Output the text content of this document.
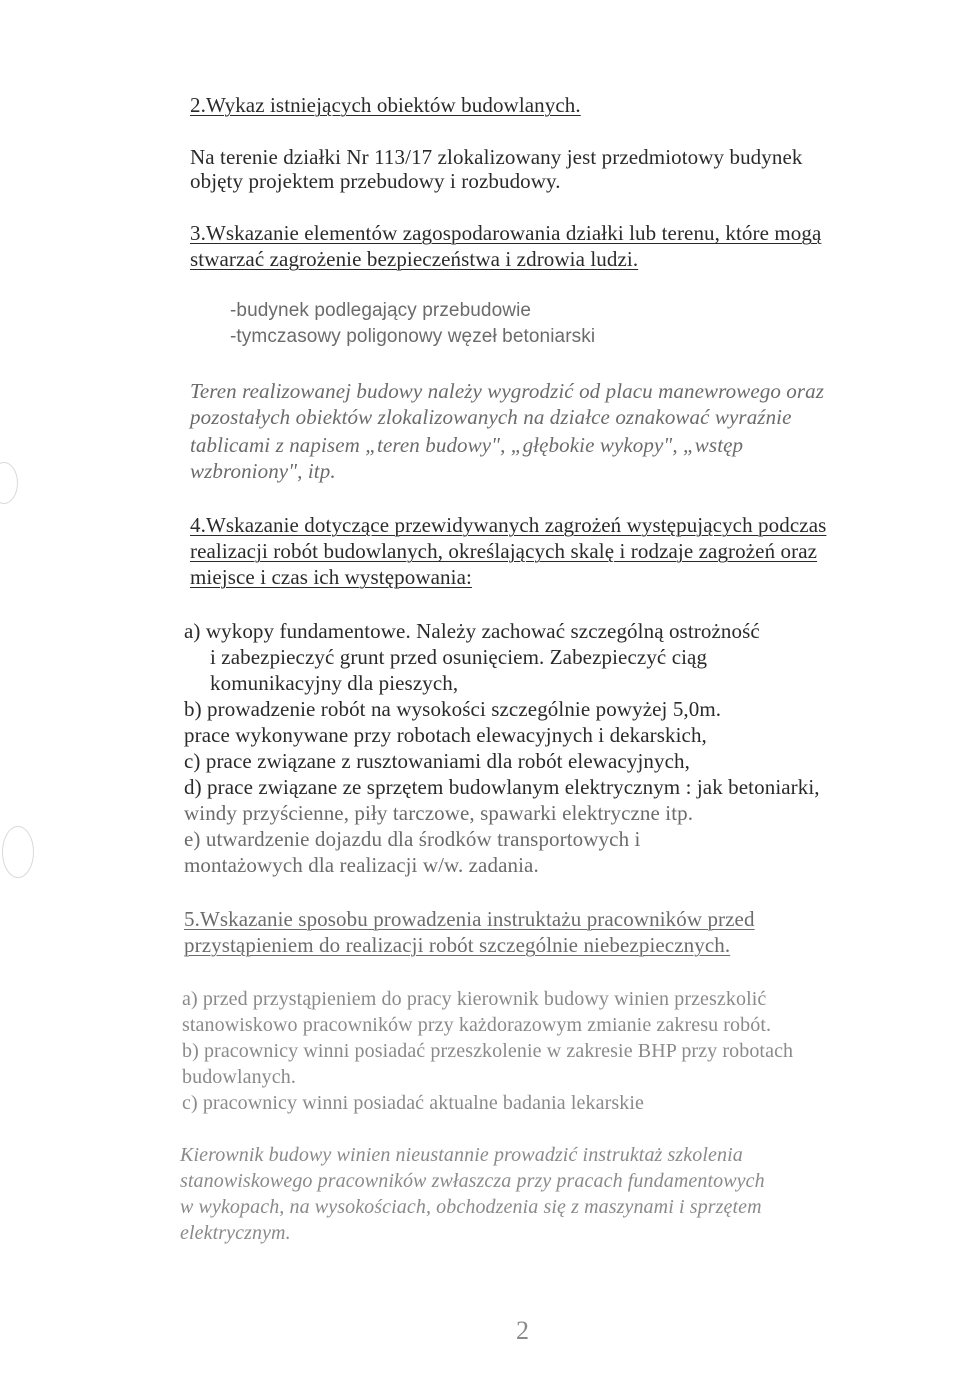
2.Wykaz istniejących obiektów budowlanych.
Na terenie działki Nr 113/17 zlokalizowany jest przedmiotowy budynek
objęty projektem przebudowy i rozbudowy.
3.Wskazanie elementów zagospodarowania działki lub terenu, które mogą
stwarzać zagrożenie bezpieczeństwa i zdrowia ludzi.
-budynek podlegający przebudowie
-tymczasowy poligonowy węzeł betoniarski
Teren realizowanej budowy należy wygrodzić od placu manewrowego oraz
pozostałych obiektów zlokalizowanych na działce oznakować wyraźnie
tablicami z napisem „teren budowy", „głębokie wykopy", „wstęp
wzbroniony", itp.
4.Wskazanie dotyczące przewidywanych zagrożeń występujących podczas
realizacji robót budowlanych, określających skalę i rodzaje zagrożeń oraz
miejsce i czas ich występowania:
a) wykopy fundamentowe. Należy zachować szczególną ostrożność
i zabezpieczyć grunt przed osunięciem. Zabezpieczyć ciąg
komunikacyjny dla pieszych,
b) prowadzenie robót na wysokości szczególnie powyżej 5,0m.
prace wykonywane przy robotach elewacyjnych i dekarskich,
c) prace związane z rusztowaniami dla robót elewacyjnych,
d) prace związane ze sprzętem budowlanym elektrycznym : jak betoniarki,
windy przyścienne, piły tarczowe, spawarki elektryczne itp.
e) utwardzenie dojazdu dla środków transportowych i
montażowych dla realizacji w/w. zadania.
5.Wskazanie sposobu prowadzenia instruktażu pracowników przed
przystąpieniem do realizacji robót szczególnie niebezpiecznych.
a) przed przystąpieniem do pracy kierownik budowy winien przeszkolić
stanowiskowo pracowników przy każdorazowym zmianie zakresu robót.
b) pracownicy winni posiadać przeszkolenie w zakresie BHP przy robotach
budowlanych.
c) pracownicy winni posiadać aktualne badania lekarskie
Kierownik budowy winien nieustannie prowadzić instruktaż szkolenia
stanowiskowego pracowników zwłaszcza przy pracach fundamentowych
w wykopach, na wysokościach, obchodzenia się z maszynami i sprzętem
elektrycznym.
2
